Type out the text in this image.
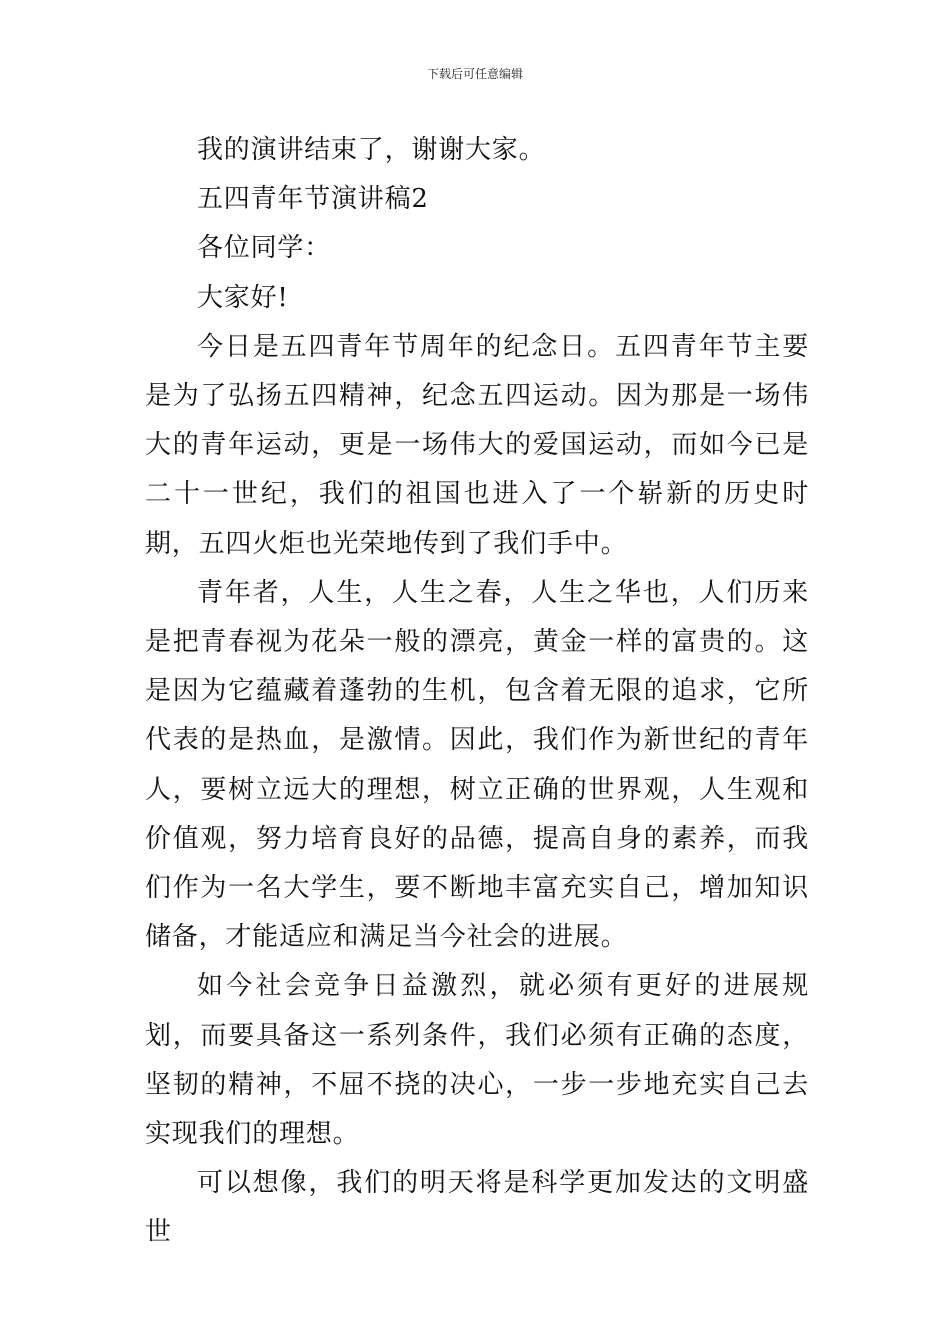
下载后可任意编辑

我的演讲结束了，谢谢大家。

五四青年节演讲稿2

各位同学：

大家好!

今日是五四青年节周年的纪念日。五四青年节主要是为了弘扬五四精神，纪念五四运动。因为那是一场伟大的青年运动，更是一场伟大的爱国运动，而如今已是二十一世纪，我们的祖国也进入了一个崭新的历史时期，五四火炬也光荣地传到了我们手中。

青年者，人生，人生之春，人生之华也，人们历来是把青春视为花朵一般的漂亮，黄金一样的富贵的。这是因为它蕴藏着蓬勃的生机，包含着无限的追求，它所代表的是热血，是激情。因此，我们作为新世纪的青年人，要树立远大的理想，树立正确的世界观，人生观和价值观，努力培育良好的品德，提高自身的素养，而我们作为一名大学生，要不断地丰富充实自己，增加知识储备，才能适应和满足当今社会的进展。

如今社会竞争日益激烈，就必须有更好的进展规划，而要具备这一系列条件，我们必须有正确的态度，坚韧的精神，不屈不挠的决心，一步一步地充实自己去实现我们的理想。

可以想像，我们的明天将是科学更加发达的文明盛世
